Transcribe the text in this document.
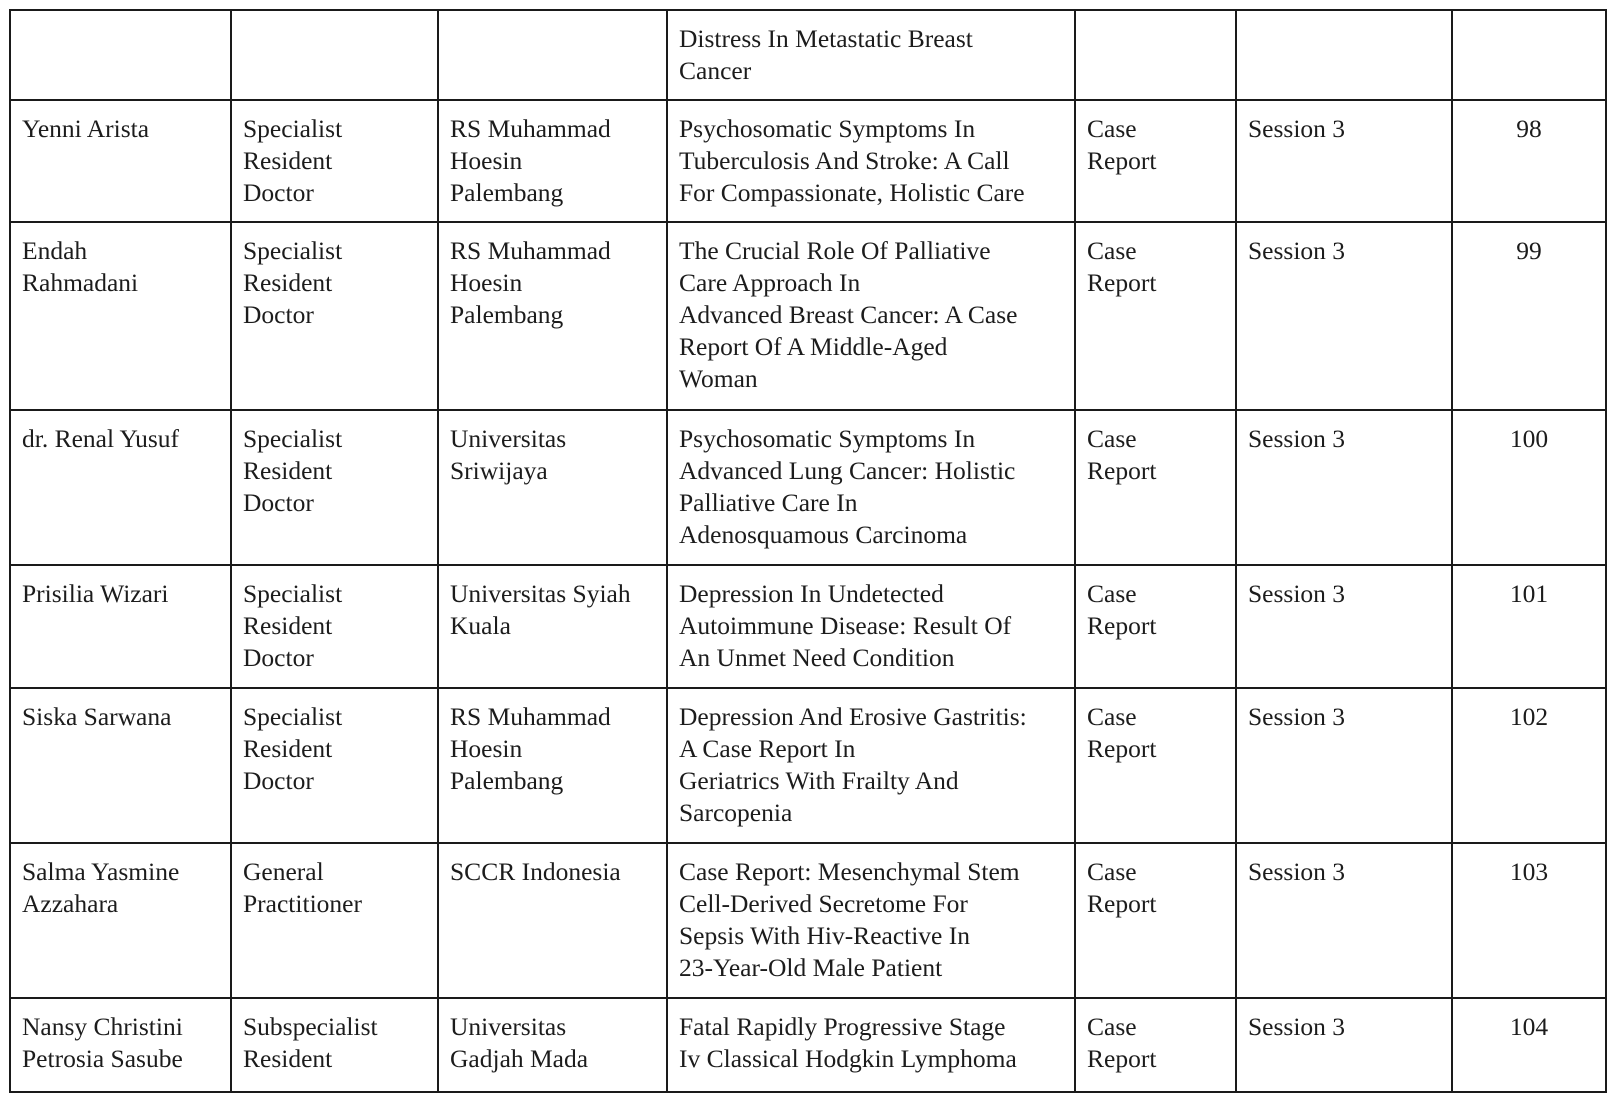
			Distress In Metastatic Breast
Cancer			
Yenni Arista	Specialist
Resident
Doctor	RS Muhammad
Hoesin
Palembang	Psychosomatic Symptoms In
Tuberculosis And Stroke: A Call
For Compassionate, Holistic Care	Case
Report	Session 3	98
Endah
Rahmadani	Specialist
Resident
Doctor	RS Muhammad
Hoesin
Palembang	The Crucial Role Of Palliative
Care Approach In
Advanced Breast Cancer: A Case
Report Of A Middle-Aged
Woman	Case
Report	Session 3	99
dr. Renal Yusuf	Specialist
Resident
Doctor	Universitas
Sriwijaya	Psychosomatic Symptoms In
Advanced Lung Cancer: Holistic
Palliative Care In
Adenosquamous Carcinoma	Case
Report	Session 3	100
Prisilia Wizari	Specialist
Resident
Doctor	Universitas Syiah
Kuala	Depression In Undetected
Autoimmune Disease: Result Of
An Unmet Need Condition	Case
Report	Session 3	101
Siska Sarwana	Specialist
Resident
Doctor	RS Muhammad
Hoesin
Palembang	Depression And Erosive Gastritis:
A Case Report In
Geriatrics With Frailty And
Sarcopenia	Case
Report	Session 3	102
Salma Yasmine
Azzahara	General
Practitioner	SCCR Indonesia	Case Report: Mesenchymal Stem
Cell-Derived Secretome For
Sepsis With Hiv-Reactive In
23-Year-Old Male Patient	Case
Report	Session 3	103
Nansy Christini
Petrosia Sasube	Subspecialist
Resident	Universitas
Gadjah Mada	Fatal Rapidly Progressive Stage
Iv Classical Hodgkin Lymphoma	Case
Report	Session 3	104
